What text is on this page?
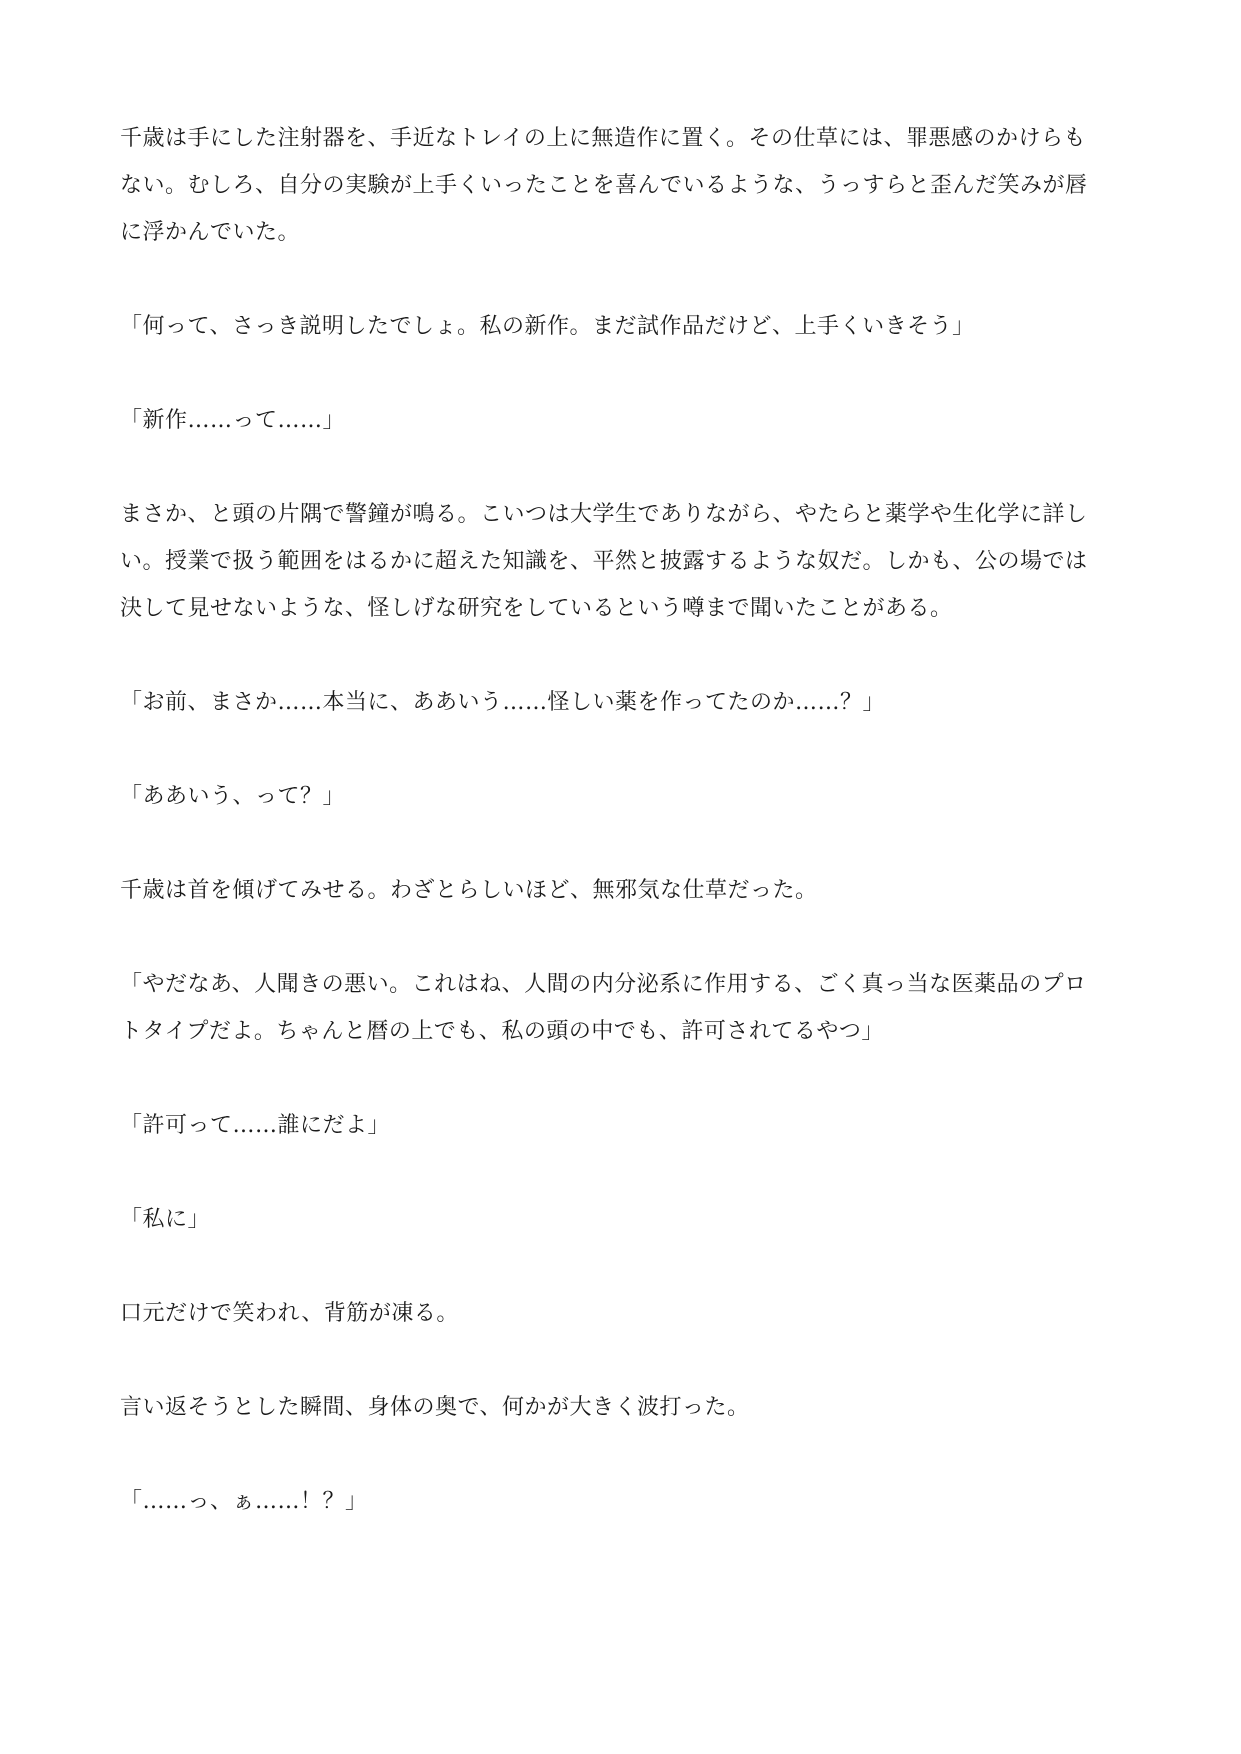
千歳は手にした注射器を、手近なトレイの上に無造作に置く。その仕草には、罪悪感のかけらも
ない。むしろ、自分の実験が上手くいったことを喜んでいるような、うっすらと歪んだ笑みが唇
に浮かんでいた。

「何って、さっき説明したでしょ。私の新作。まだ試作品だけど、上手くいきそう」

「新作……って……」

まさか、と頭の片隅で警鐘が鳴る。こいつは大学生でありながら、やたらと薬学や生化学に詳し
い。授業で扱う範囲をはるかに超えた知識を、平然と披露するような奴だ。しかも、公の場では
決して見せないような、怪しげな研究をしているという噂まで聞いたことがある。

「お前、まさか……本当に、ああいう……怪しい薬を作ってたのか……？」

「ああいう、って？」

千歳は首を傾げてみせる。わざとらしいほど、無邪気な仕草だった。

「やだなあ、人聞きの悪い。これはね、人間の内分泌系に作用する、ごく真っ当な医薬品のプロ
トタイプだよ。ちゃんと暦の上でも、私の頭の中でも、許可されてるやつ」

「許可って……誰にだよ」

「私に」

口元だけで笑われ、背筋が凍る。

言い返そうとした瞬間、身体の奥で、何かが大きく波打った。

「……っ、ぁ……！？」
